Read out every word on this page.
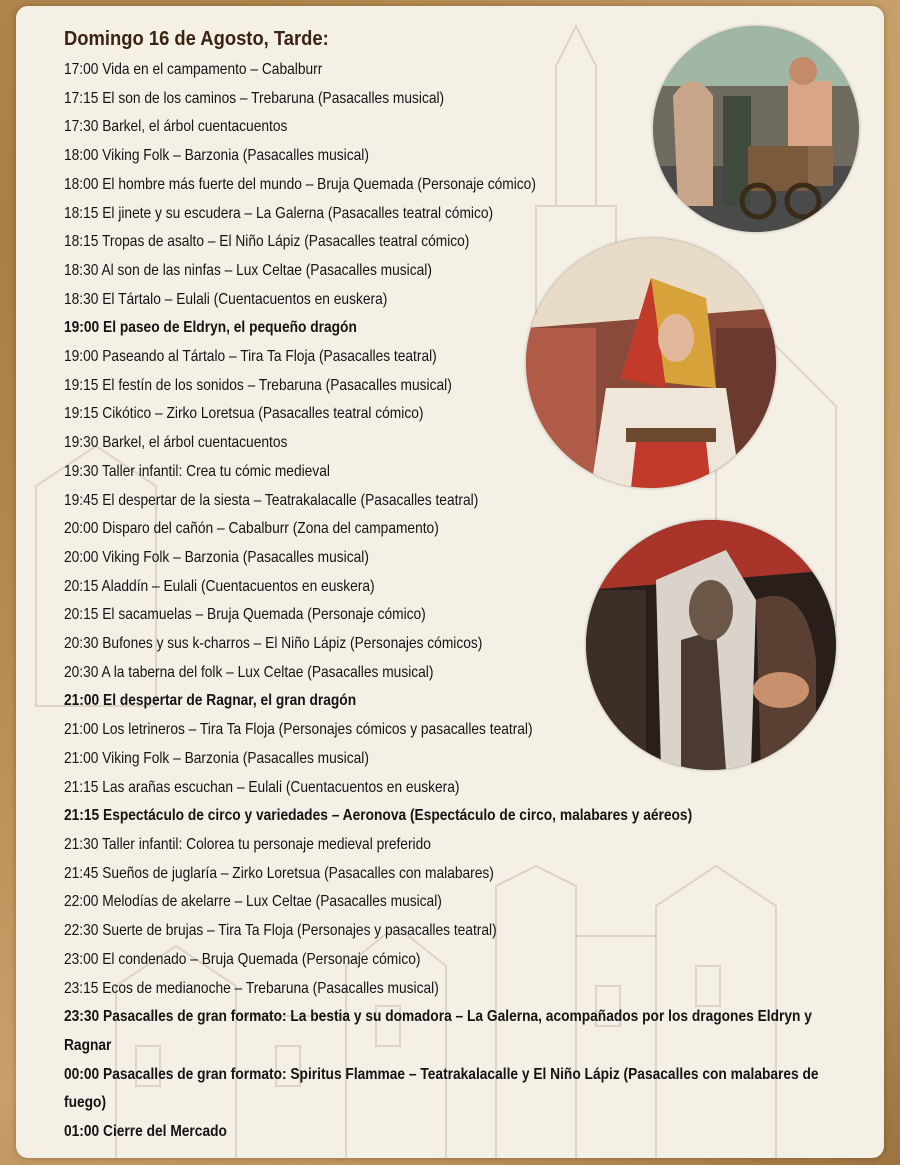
Domingo 16 de Agosto, Tarde:
17:00 Vida en el campamento – Cabalburr
17:15 El son de los caminos – Trebaruna (Pasacalles musical)
17:30 Barkel, el árbol cuentacuentos
18:00 Viking Folk – Barzonia (Pasacalles musical)
18:00 El hombre más fuerte del mundo – Bruja Quemada (Personaje cómico)
18:15 El jinete y su escudera – La Galerna (Pasacalles teatral cómico)
18:15 Tropas de asalto – El Niño Lápiz (Pasacalles teatral cómico)
18:30 Al son de las ninfas – Lux Celtae (Pasacalles musical)
18:30 El Tártalo – Eulali (Cuentacuentos en euskera)
19:00 El paseo de Eldryn, el pequeño dragón
19:00 Paseando al Tártalo – Tira Ta Floja (Pasacalles teatral)
19:15 El festín de los sonidos – Trebaruna (Pasacalles musical)
19:15 Cikótico – Zirko Loretsua (Pasacalles teatral cómico)
19:30 Barkel, el árbol cuentacuentos
19:30 Taller infantil: Crea tu cómic medieval
19:45 El despertar de la siesta – Teatrakalacalle (Pasacalles teatral)
20:00 Disparo del cañón – Cabalburr (Zona del campamento)
20:00 Viking Folk – Barzonia (Pasacalles musical)
20:15 Aladdín – Eulali (Cuentacuentos en euskera)
20:15 El sacamuelas – Bruja Quemada (Personaje cómico)
20:30 Bufones y sus k-charros – El Niño Lápiz (Personajes cómicos)
20:30 A la taberna del folk – Lux Celtae (Pasacalles musical)
21:00 El despertar de Ragnar, el gran dragón
21:00 Los letrineros – Tira Ta Floja (Personajes cómicos y pasacalles teatral)
21:00 Viking Folk – Barzonia (Pasacalles musical)
21:15 Las arañas escuchan – Eulali (Cuentacuentos en euskera)
21:15 Espectáculo de circo y variedades – Aeronova (Espectáculo de circo, malabares y aéreos)
21:30 Taller infantil: Colorea tu personaje medieval preferido
21:45 Sueños de juglaría – Zirko Loretsua (Pasacalles con malabares)
22:00 Melodías de akelarre – Lux Celtae (Pasacalles musical)
22:30 Suerte de brujas – Tira Ta Floja (Personajes y pasacalles teatral)
23:00 El condenado – Bruja Quemada (Personaje cómico)
23:15 Ecos de medianoche – Trebaruna (Pasacalles musical)
23:30 Pasacalles de gran formato: La bestia y su domadora – La Galerna, acompañados por los dragones Eldryn y Ragnar
00:00 Pasacalles de gran formato: Spiritus Flammae – Teatrakalacalle y El Niño Lápiz (Pasacalles con malabares de fuego)
01:00 Cierre del Mercado
